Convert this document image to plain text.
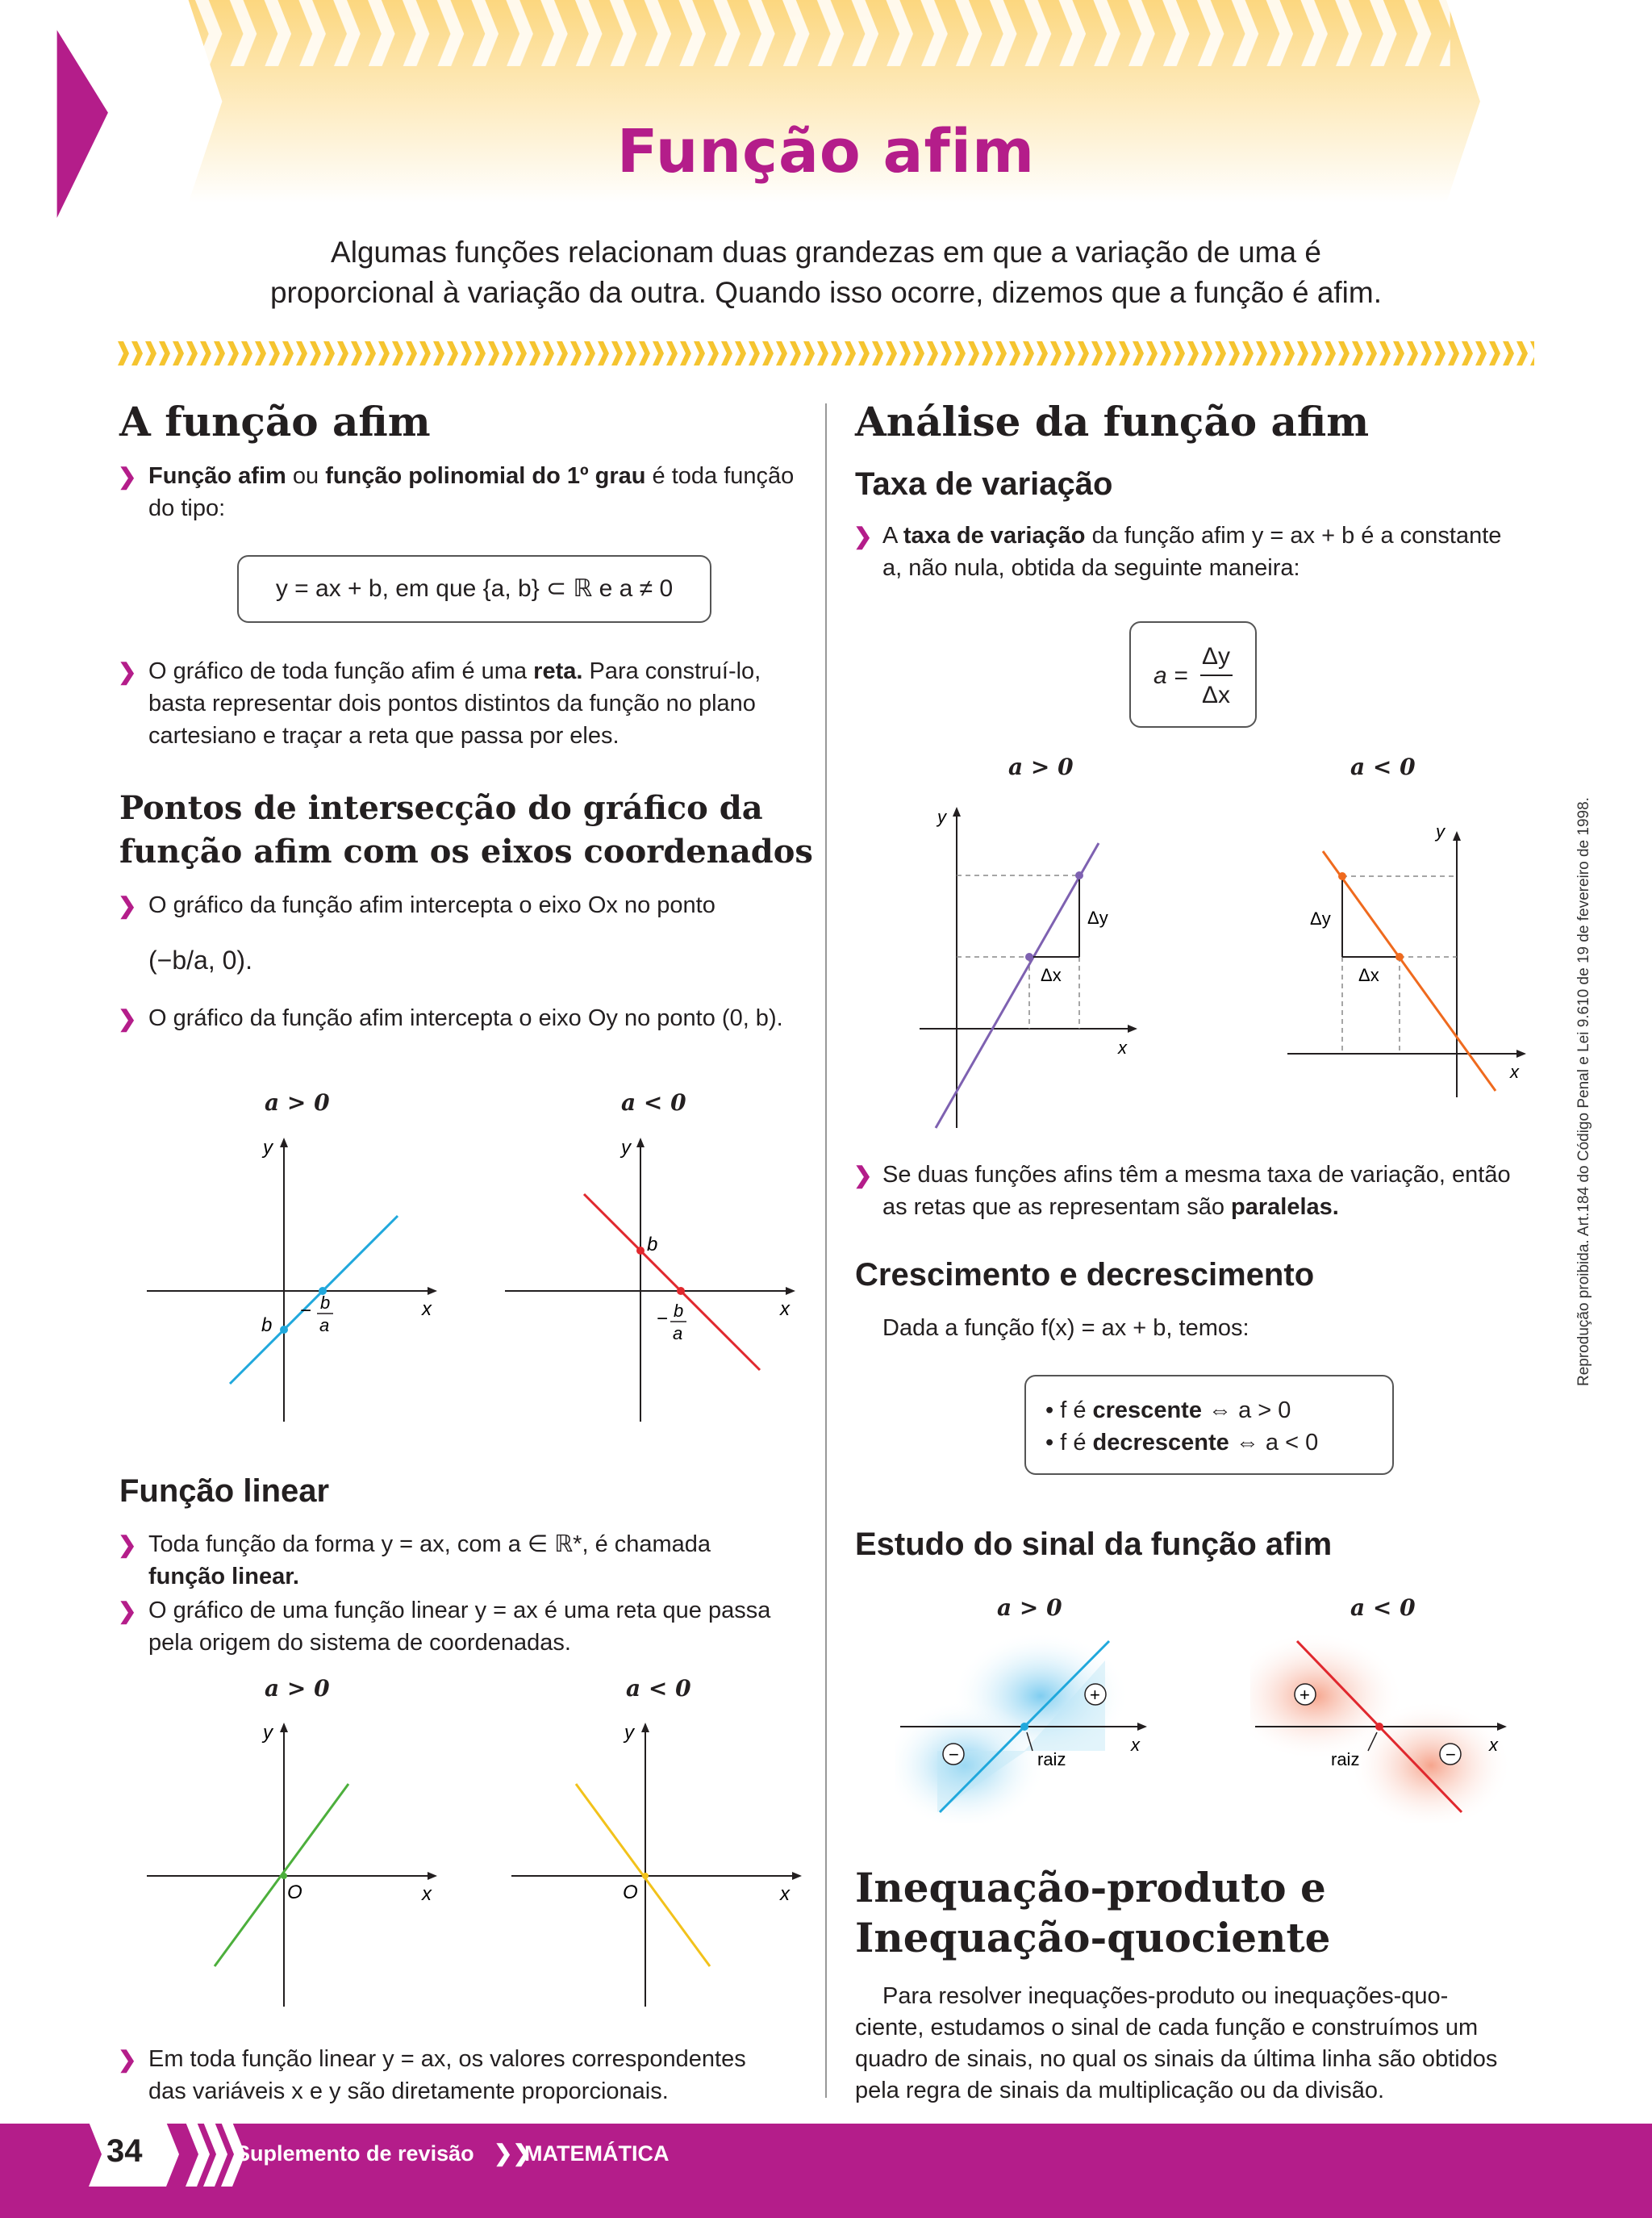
Função afim
Algumas funções relacionam duas grandezas em que a variação de uma é
proporcional à variação da outra. Quando isso ocorre, dizemos que a função é afim.
A função afim
❯ Função afim ou função polinomial do 1º grau é toda função
do tipo:
y = ax + b, em que {a, b} ⊂ ℝ e a ≠ 0
❯ O gráfico de toda função afim é uma reta. Para construí-lo,
basta representar dois pontos distintos da função no plano
cartesiano e traçar a reta que passa por eles.
Pontos de intersecção do gráfico da
função afim com os eixos coordenados
❯ O gráfico da função afim intercepta o eixo Ox no ponto
(−b/a, 0).
❯ O gráfico da função afim intercepta o eixo Oy no ponto (0, b).
a > 0	a < 0
y
x
b
− b
a
y
x
b
− b
a
Função linear
❯ Toda função da forma y = ax, com a ∈ ℝ*, é chamada
função linear.
❯ O gráfico de uma função linear y = ax é uma reta que passa
pela origem do sistema de coordenadas.
a > 0	a < 0
y
x
O
y
x
O
❯ Em toda função linear y = ax, os valores correspondentes
das variáveis x e y são diretamente proporcionais.
Análise da função afim
Taxa de variação
❯ A taxa de variação da função afim y = ax + b é a constante
a, não nula, obtida da seguinte maneira:
a =
Δy
Δx
a > 0	a < 0
y
x
Δy
Δx
y
x
Δy
Δx
❯ Se duas funções afins têm a mesma taxa de variação, então
as retas que as representam são paralelas.
Crescimento e decrescimento
Dada a função f(x) = ax + b, temos:
• f é crescente ⇔ a > 0
• f é decrescente ⇔ a < 0
Estudo do sinal da função afim
a > 0	a < 0
raiz
x
+
−	raiz
x
+
−
Inequação-produto e
Inequação-quociente
Para resolver inequações-produto ou inequações-quo-
ciente, estudamos o sinal de cada função e construímos um
quadro de sinais, no qual os sinais da última linha são obtidos
pela regra de sinais da multiplicação ou da divisão.
Reprodução proibida. Art.184 do Código Penal e Lei 9.610 de 19 de fevereiro de 1998.
34	Suplemento de revisão ❯❯
MATEMÁTICA
